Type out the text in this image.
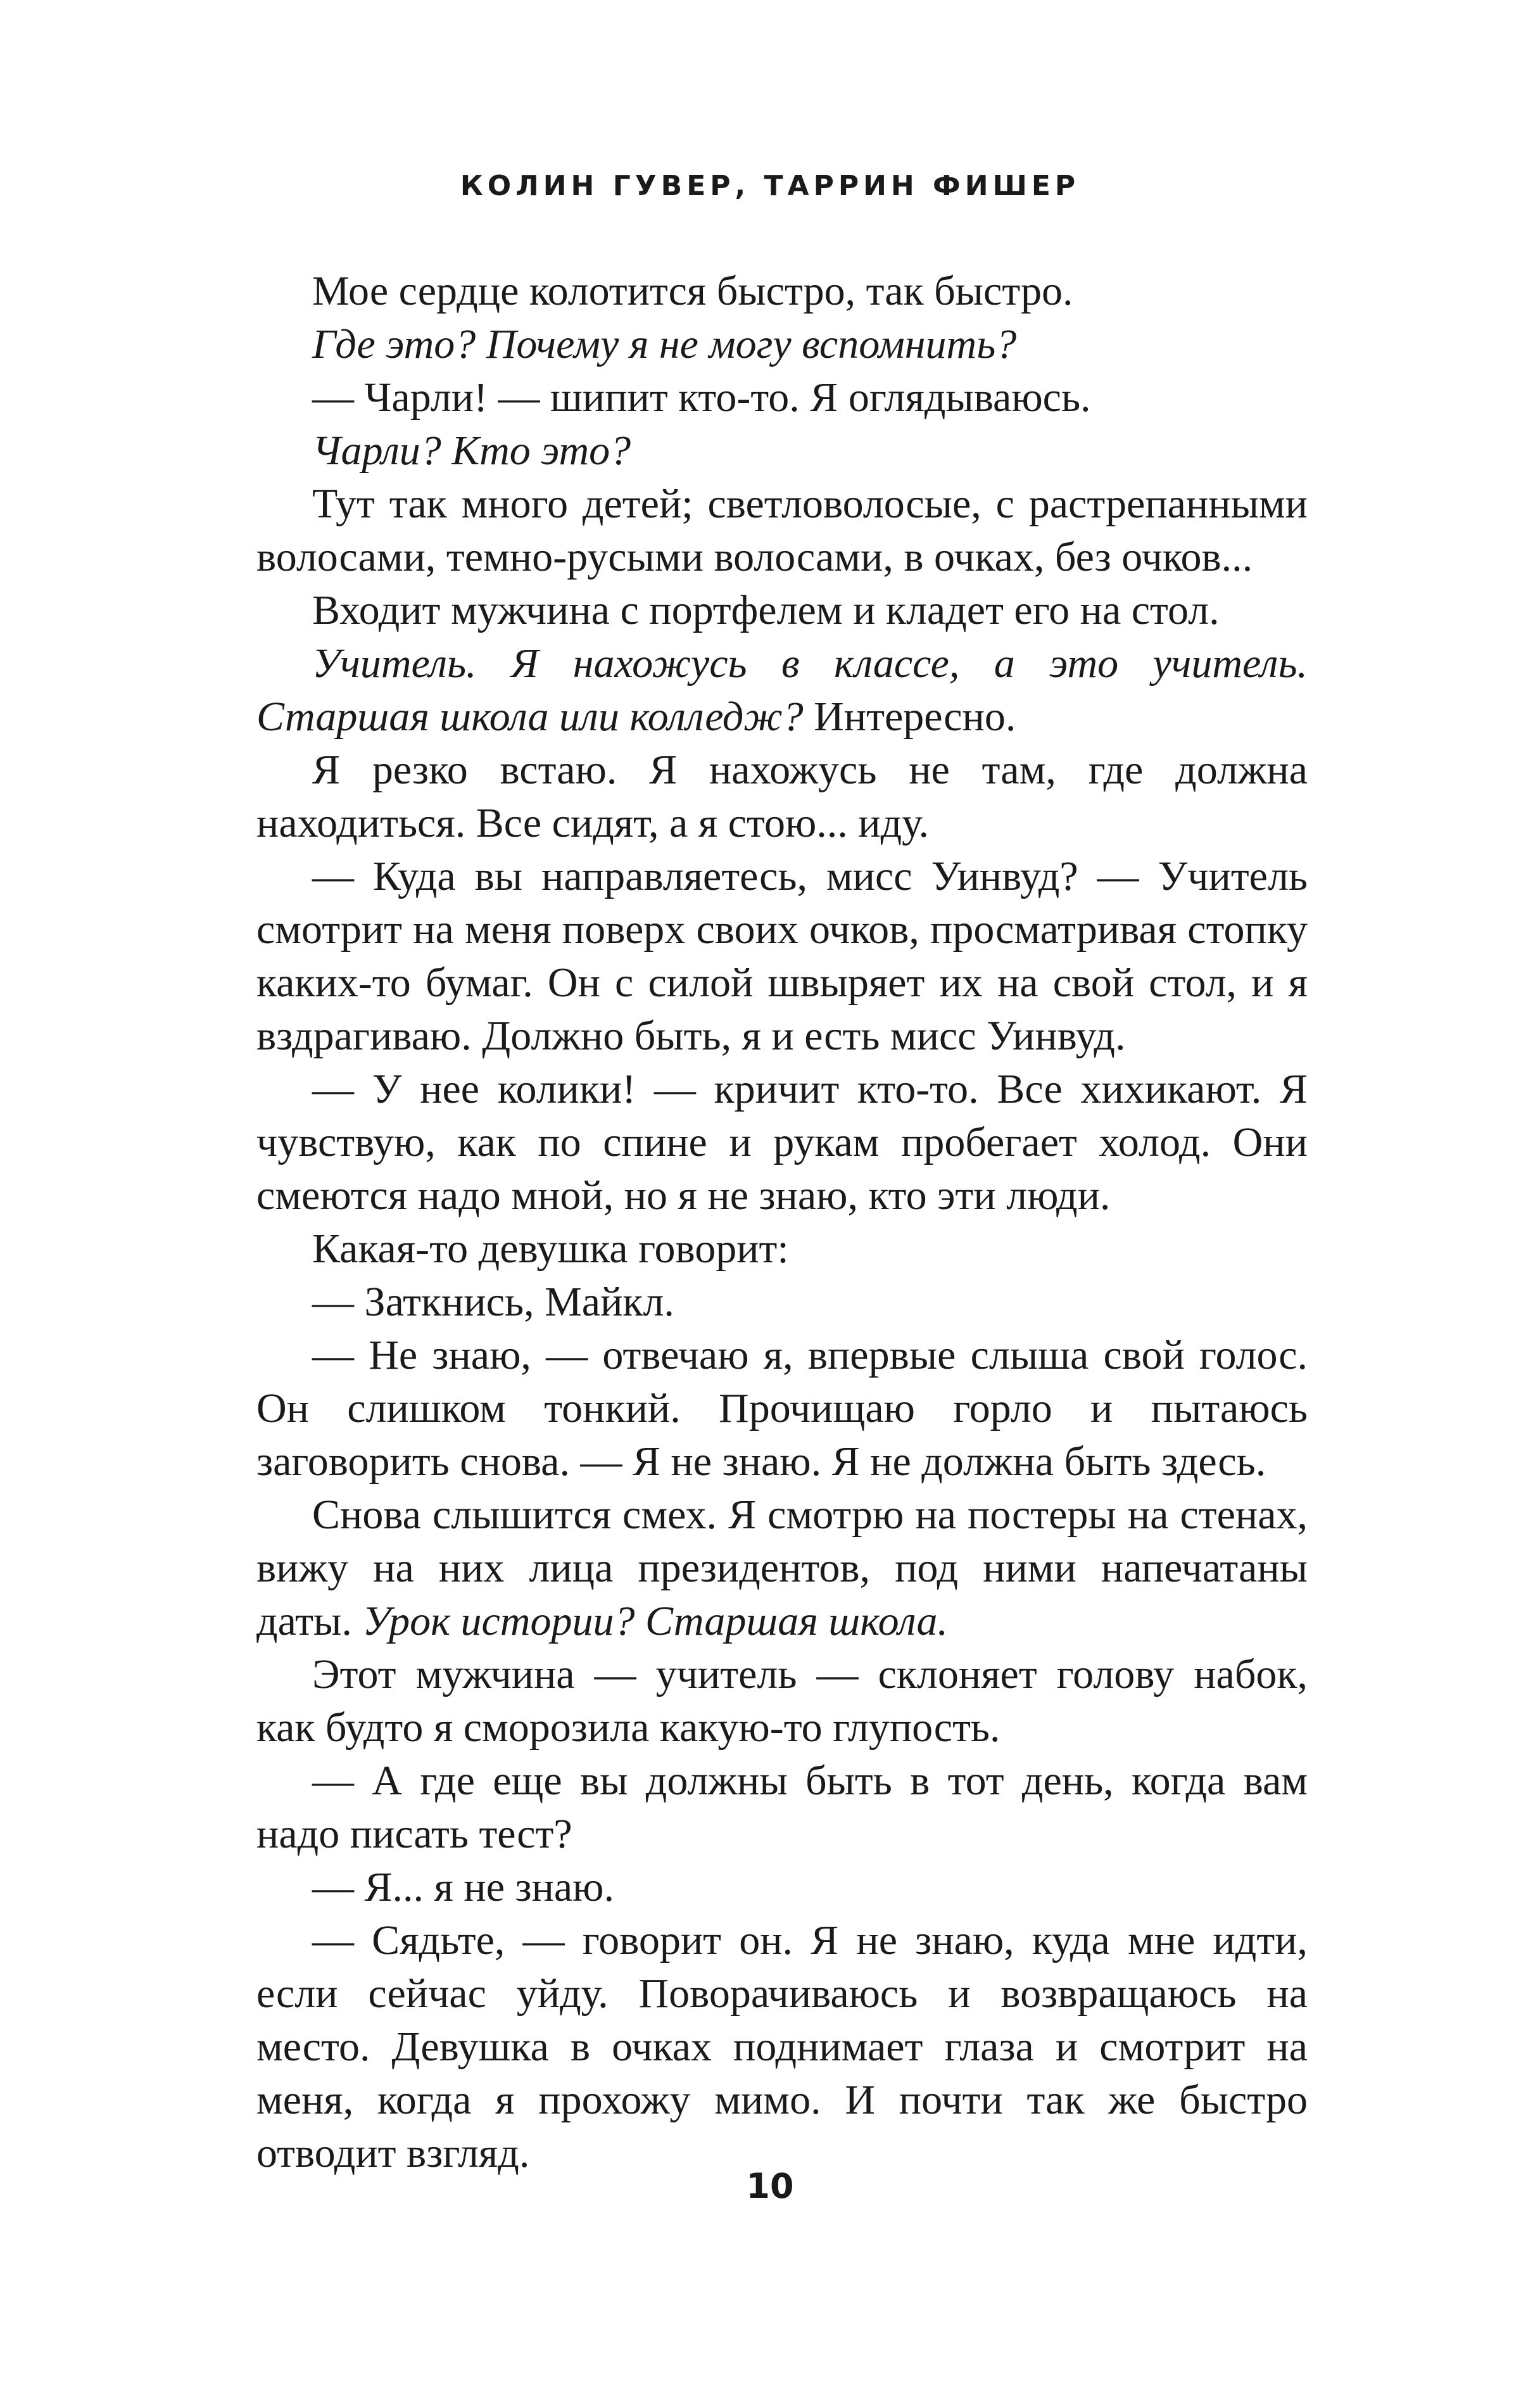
КОЛИН ГУВЕР, ТАРРИН ФИШЕР

Мое сердце колотится быстро, так быстро.

Где это? Почему я не могу вспомнить?

— Чарли! — шипит кто-то. Я оглядываюсь.

Чарли? Кто это?

Тут так много детей; светловолосые, с растрепанными волосами, темно-русыми волосами, в очках, без очков...

Входит мужчина с портфелем и кладет его на стол.

Учитель. Я нахожусь в классе, а это учитель. Старшая школа или колледж? Интересно.

Я резко встаю. Я нахожусь не там, где должна находиться. Все сидят, а я стою... иду.

— Куда вы направляетесь, мисс Уинвуд? — Учитель смотрит на меня поверх своих очков, просматривая стопку каких-то бумаг. Он с силой швыряет их на свой стол, и я вздрагиваю. Должно быть, я и есть мисс Уинвуд.

— У нее колики! — кричит кто-то. Все хихикают. Я чувствую, как по спине и рукам пробегает холод. Они смеются надо мной, но я не знаю, кто эти люди.

Какая-то девушка говорит:

— Заткнись, Майкл.

— Не знаю, — отвечаю я, впервые слыша свой голос. Он слишком тонкий. Прочищаю горло и пытаюсь заговорить снова. — Я не знаю. Я не должна быть здесь.

Снова слышится смех. Я смотрю на постеры на стенах, вижу на них лица президентов, под ними напечатаны даты. Урок истории? Старшая школа.

Этот мужчина — учитель — склоняет голову набок, как будто я сморозила какую-то глупость.

— А где еще вы должны быть в тот день, когда вам надо писать тест?

— Я... я не знаю.

— Сядьте, — говорит он. Я не знаю, куда мне идти, если сейчас уйду. Поворачиваюсь и возвращаюсь на место. Девушка в очках поднимает глаза и смотрит на меня, когда я прохожу мимо. И почти так же быстро отводит взгляд.

10
